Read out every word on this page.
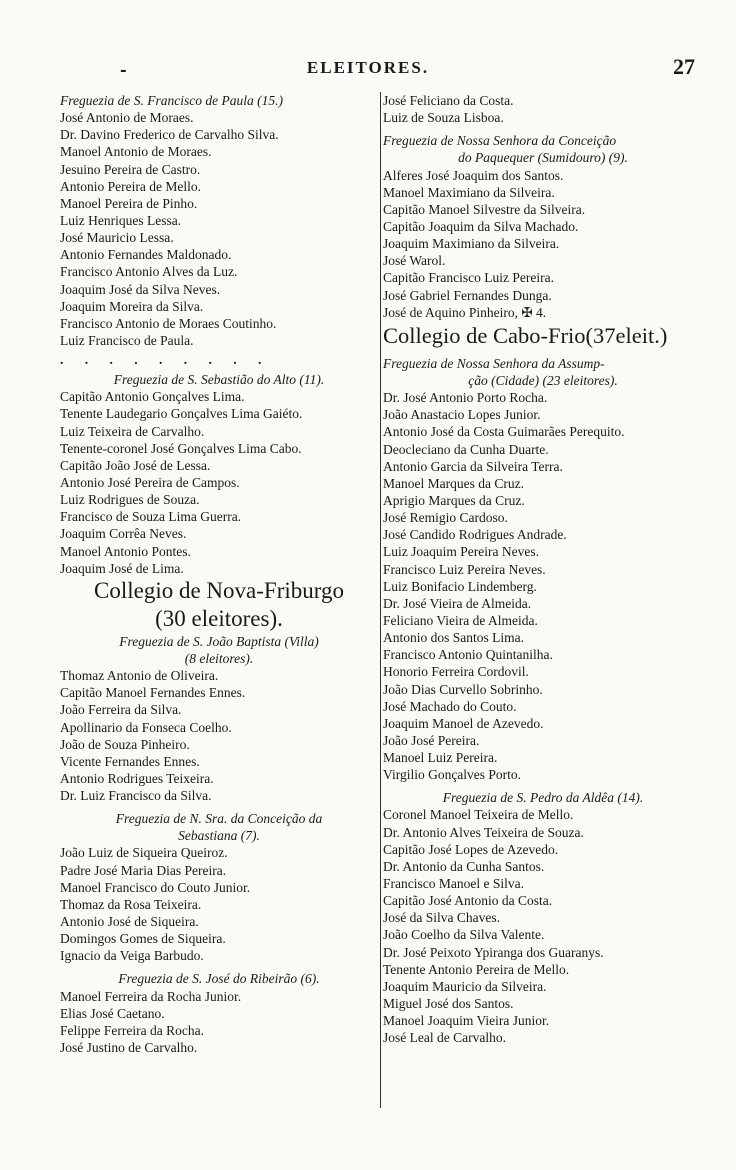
-	ELEITORES.	27
Freguezia de S. Francisco de Paula (15.)
José Antonio de Moraes.
Dr. Davino Frederico de Carvalho Silva.
Manoel Antonio de Moraes.
Jesuino Pereira de Castro.
Antonio Pereira de Mello.
Manoel Pereira de Pinho.
Luiz Henriques Lessa.
José Mauricio Lessa.
Antonio Fernandes Maldonado.
Francisco Antonio Alves da Luz.
Joaquim José da Silva Neves.
Joaquim Moreira da Silva.
Francisco Antonio de Moraes Coutinho.
Luiz Francisco de Paula.
. . . . . . . . .
Freguezia de S. Sebastião do Alto (11).
Capitão Antonio Gonçalves Lima.
Tenente Laudegario Gonçalves Lima Gaiéto.
Luiz Teixeira de Carvalho.
Tenente-coronel José Gonçalves Lima Cabo.
Capitão João José de Lessa.
Antonio José Pereira de Campos.
Luiz Rodrigues de Souza.
Francisco de Souza Lima Guerra.
Joaquim Corrêa Neves.
Manoel Antonio Pontes.
Joaquim José de Lima.
Collegio de Nova-Friburgo
(30 eleitores).
Freguezia de S. João Baptista (Villa)
(8 eleitores).
Thomaz Antonio de Oliveira.
Capitão Manoel Fernandes Ennes.
João Ferreira da Silva.
Apollinario da Fonseca Coelho.
João de Souza Pinheiro.
Vicente Fernandes Ennes.
Antonio Rodrigues Teixeira.
Dr. Luiz Francisco da Silva.
Freguezia de N. Sra. da Conceição da
Sebastiana (7).
João Luiz de Siqueira Queiroz.
Padre José Maria Dias Pereira.
Manoel Francisco do Couto Junior.
Thomaz da Rosa Teixeira.
Antonio José de Siqueira.
Domingos Gomes de Siqueira.
Ignacio da Veiga Barbudo.
Freguezia de S. José do Ribeirão (6).
Manoel Ferreira da Rocha Junior.
Elias José Caetano.
Felippe Ferreira da Rocha.
José Justino de Carvalho.
José Feliciano da Costa.
Luiz de Souza Lisboa.
Freguezia de Nossa Senhora da Conceição
do Paquequer (Sumidouro) (9).
Alferes José Joaquim dos Santos.
Manoel Maximiano da Silveira.
Capitão Manoel Silvestre da Silveira.
Capitão Joaquim da Silva Machado.
Joaquim Maximiano da Silveira.
José Warol.
Capitão Francisco Luiz Pereira.
José Gabriel Fernandes Dunga.
José de Aquino Pinheiro, ✠ 4.
Collegio de Cabo-Frio(37eleit.)
Freguezia de Nossa Senhora da Assump-
ção (Cidade) (23 eleitores).
Dr. José Antonio Porto Rocha.
João Anastacio Lopes Junior.
Antonio José da Costa Guimarães Perequito.
Deocleciano da Cunha Duarte.
Antonio Garcia da Silveira Terra.
Manoel Marques da Cruz.
Aprigio Marques da Cruz.
José Remigio Cardoso.
José Candido Rodrigues Andrade.
Luiz Joaquim Pereira Neves.
Francisco Luiz Pereira Neves.
Luiz Bonifacio Lindemberg.
Dr. José Vieira de Almeida.
Feliciano Vieira de Almeida.
Antonio dos Santos Lima.
Francisco Antonio Quintanilha.
Honorio Ferreira Cordovil.
João Dias Curvello Sobrinho.
José Machado do Couto.
Joaquim Manoel de Azevedo.
João José Pereira.
Manoel Luiz Pereira.
Virgilio Gonçalves Porto.
Freguezia de S. Pedro da Aldêa (14).
Coronel Manoel Teixeira de Mello.
Dr. Antonio Alves Teixeira de Souza.
Capitão José Lopes de Azevedo.
Dr. Antonio da Cunha Santos.
Francisco Manoel e Silva.
Capitão José Antonio da Costa.
José da Silva Chaves.
João Coelho da Silva Valente.
Dr. José Peixoto Ypiranga dos Guaranys.
Tenente Antonio Pereira de Mello.
Joaquim Mauricio da Silveira.
Miguel José dos Santos.
Manoel Joaquim Vieira Junior.
José Leal de Carvalho.
